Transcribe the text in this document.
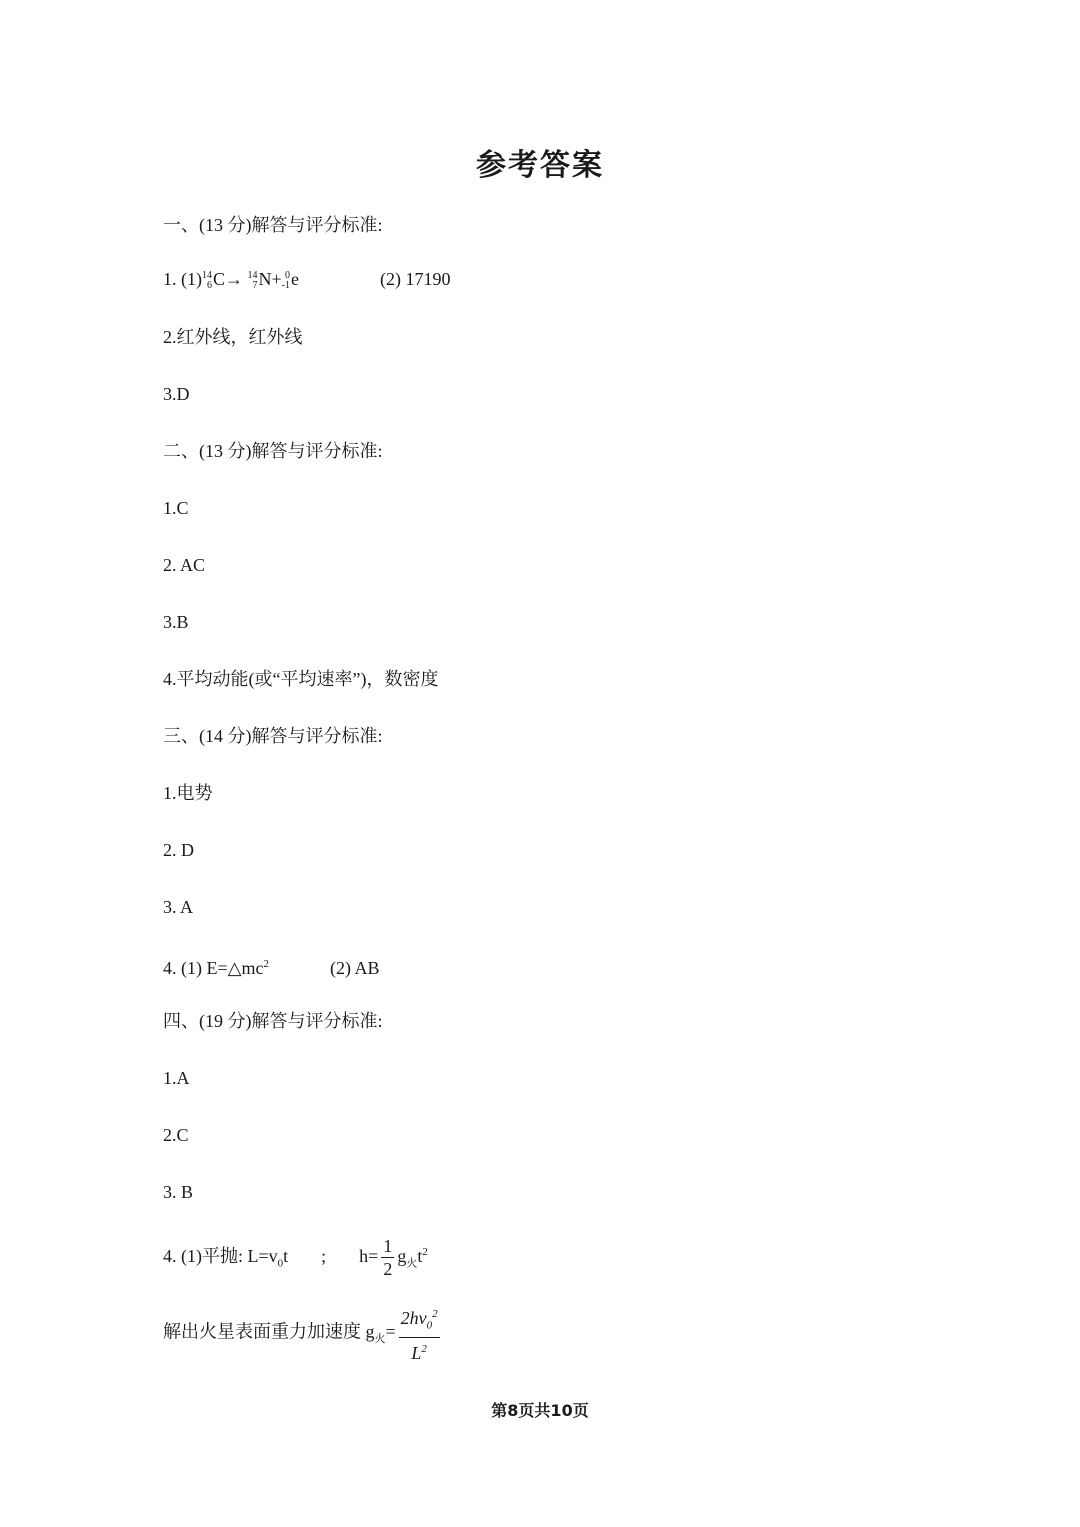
参考答案
一、(13 分)解答与评分标准:
1. (1) 14
6 C→ 14
7 N+ 0
-1 e	(2) 17190
2.红外线，红外线
3.D
二、(13 分)解答与评分标准:
1.C
2. AC
3.B
4.平均动能(或“平均速率”)，数密度
三、(14 分)解答与评分标准:
1.电势
2. D
3. A
4. (1) $E=\triangle mc^2$	(2) AB
四、(19 分)解答与评分标准:
1.A
2.C
3. B
4. (1)平抛: $L=v_0t$ ; $h= \frac{1}{2} g_火t^2$
解出火星表面重力加速度 $g_火= \frac{2hv_0^2}{L^2}$
第8页共10页
